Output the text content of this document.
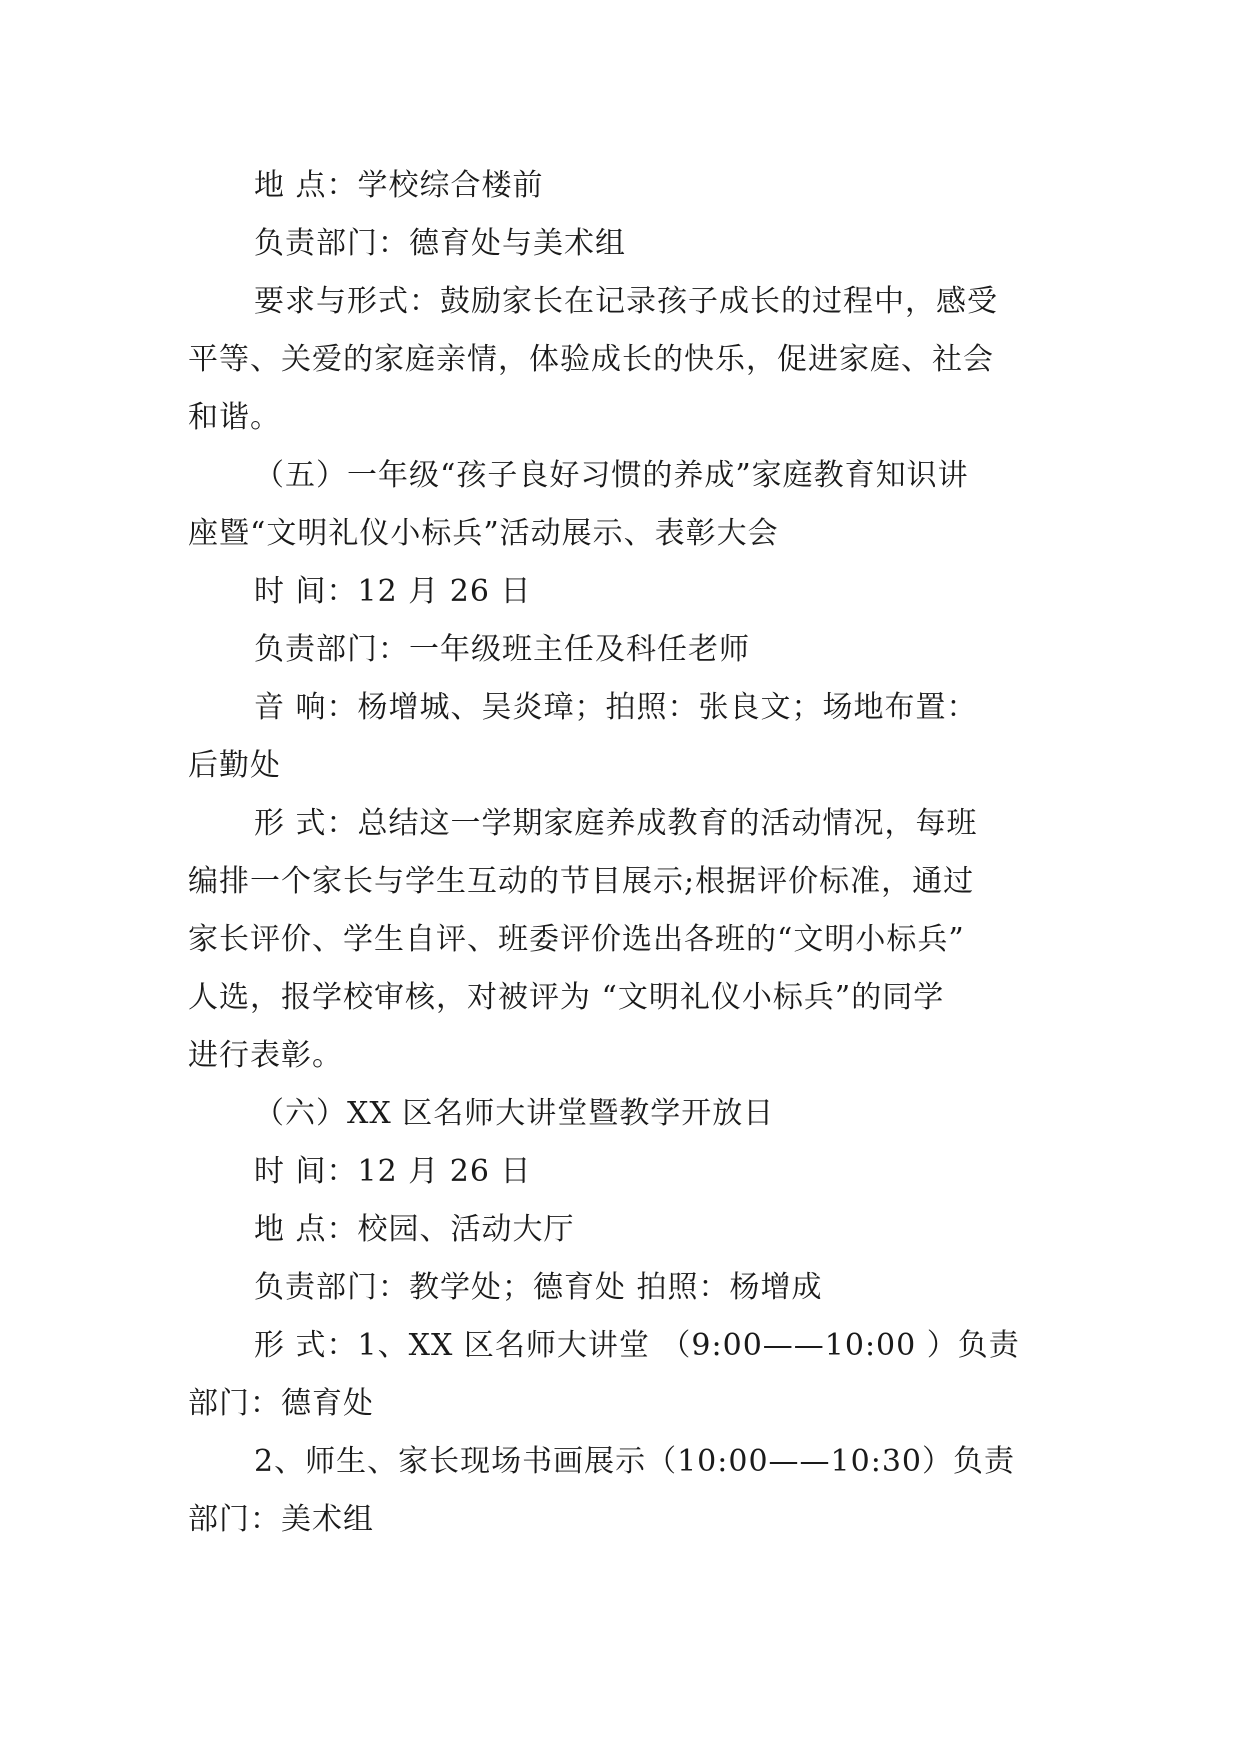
地 点：学校综合楼前
负责部门：德育处与美术组
要求与形式：鼓励家长在记录孩子成长的过程中，感受
平等、关爱的家庭亲情，体验成长的快乐，促进家庭、社会
和谐。
（五）一年级“孩子良好习惯的养成”家庭教育知识讲
座暨“文明礼仪小标兵”活动展示、表彰大会
时 间：12 月 26 日
负责部门：一年级班主任及科任老师
音 响：杨增城、吴炎璋；拍照：张良文；场地布置：
后勤处
形 式：总结这一学期家庭养成教育的活动情况，每班
编排一个家长与学生互动的节目展示;根据评价标准，通过
家长评价、学生自评、班委评价选出各班的“文明小标兵”
人选，报学校审核，对被评为 “文明礼仪小标兵”的同学
进行表彰。
（六）XX 区名师大讲堂暨教学开放日
时 间：12 月 26 日
地 点：校园、活动大厅
负责部门：教学处；德育处 拍照：杨增成
形 式：1、XX 区名师大讲堂 （9:00——10:00 ）负责
部门：德育处
2、师生、家长现场书画展示（10:00——10:30）负责
部门：美术组
